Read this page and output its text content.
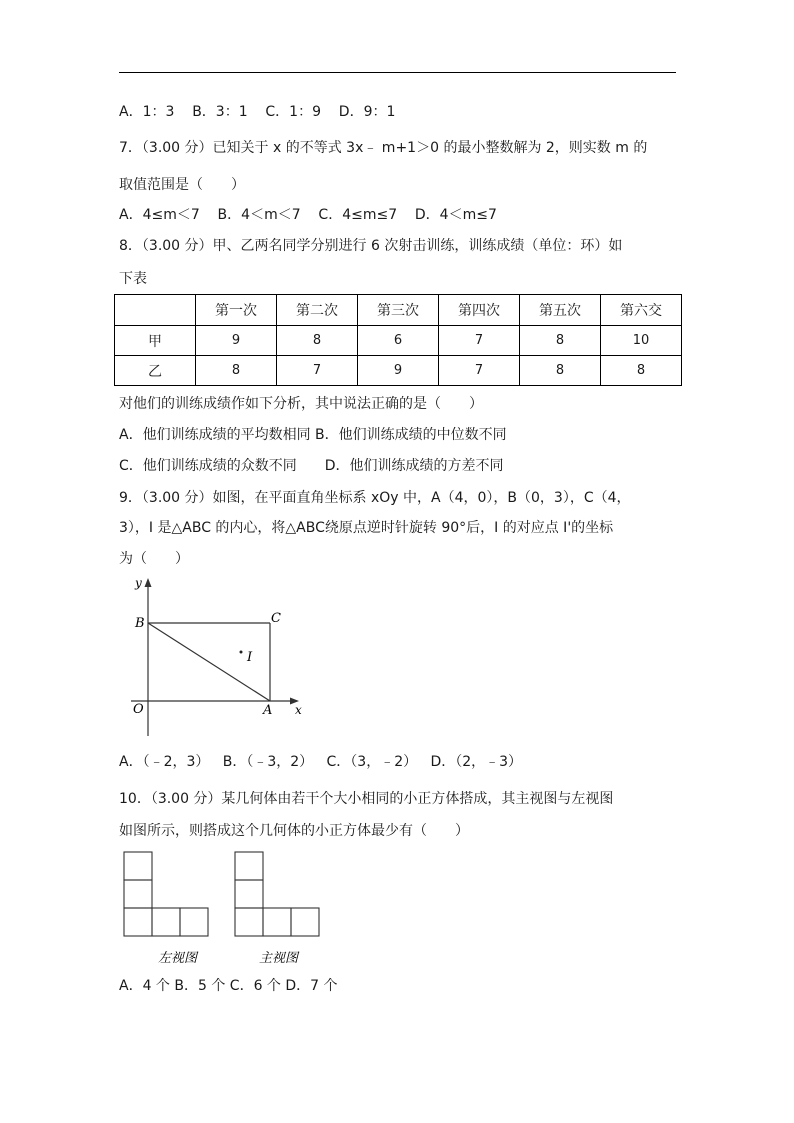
A．1：3    B．3：1    C．1：9    D．9：1
7．（3.00 分）已知关于 x 的不等式 3x﹣ m+1＞0 的最小整数解为 2，则实数 m 的
取值范围是（　　）
A．4≤m＜7    B．4＜m＜7    C．4≤m≤7    D．4＜m≤7
8．（3.00 分）甲、乙两名同学分别进行 6 次射击训练，训练成绩（单位：环）如
下表
	第一次	第二次	第三次	第四次	第五次	第六交
甲	9	8	6	7	8	10
乙	8	7	9	7	8	8
对他们的训练成绩作如下分析，其中说法正确的是（　　）
A．他们训练成绩的平均数相同 B．他们训练成绩的中位数不同
C．他们训练成绩的众数不同　　D．他们训练成绩的方差不同
9．（3.00 分）如图，在平面直角坐标系 xOy 中，A（4，0），B（0，3），C（4，
3），I 是△ABC 的内心，将△ABC绕原点逆时针旋转 90°后，I 的对应点 I'的坐标
为（　　）
y
x
B	C
I
O	A
A．（﹣2，3）   B．（﹣3，2）   C．（3，﹣2）   D．（2，﹣3）
10．（3.00 分）某几何体由若干个大小相同的小正方体搭成，其主视图与左视图
如图所示，则搭成这个几何体的小正方体最少有（　　）
左视图	主视图
A．4 个 B．5 个 C．6 个 D．7 个
